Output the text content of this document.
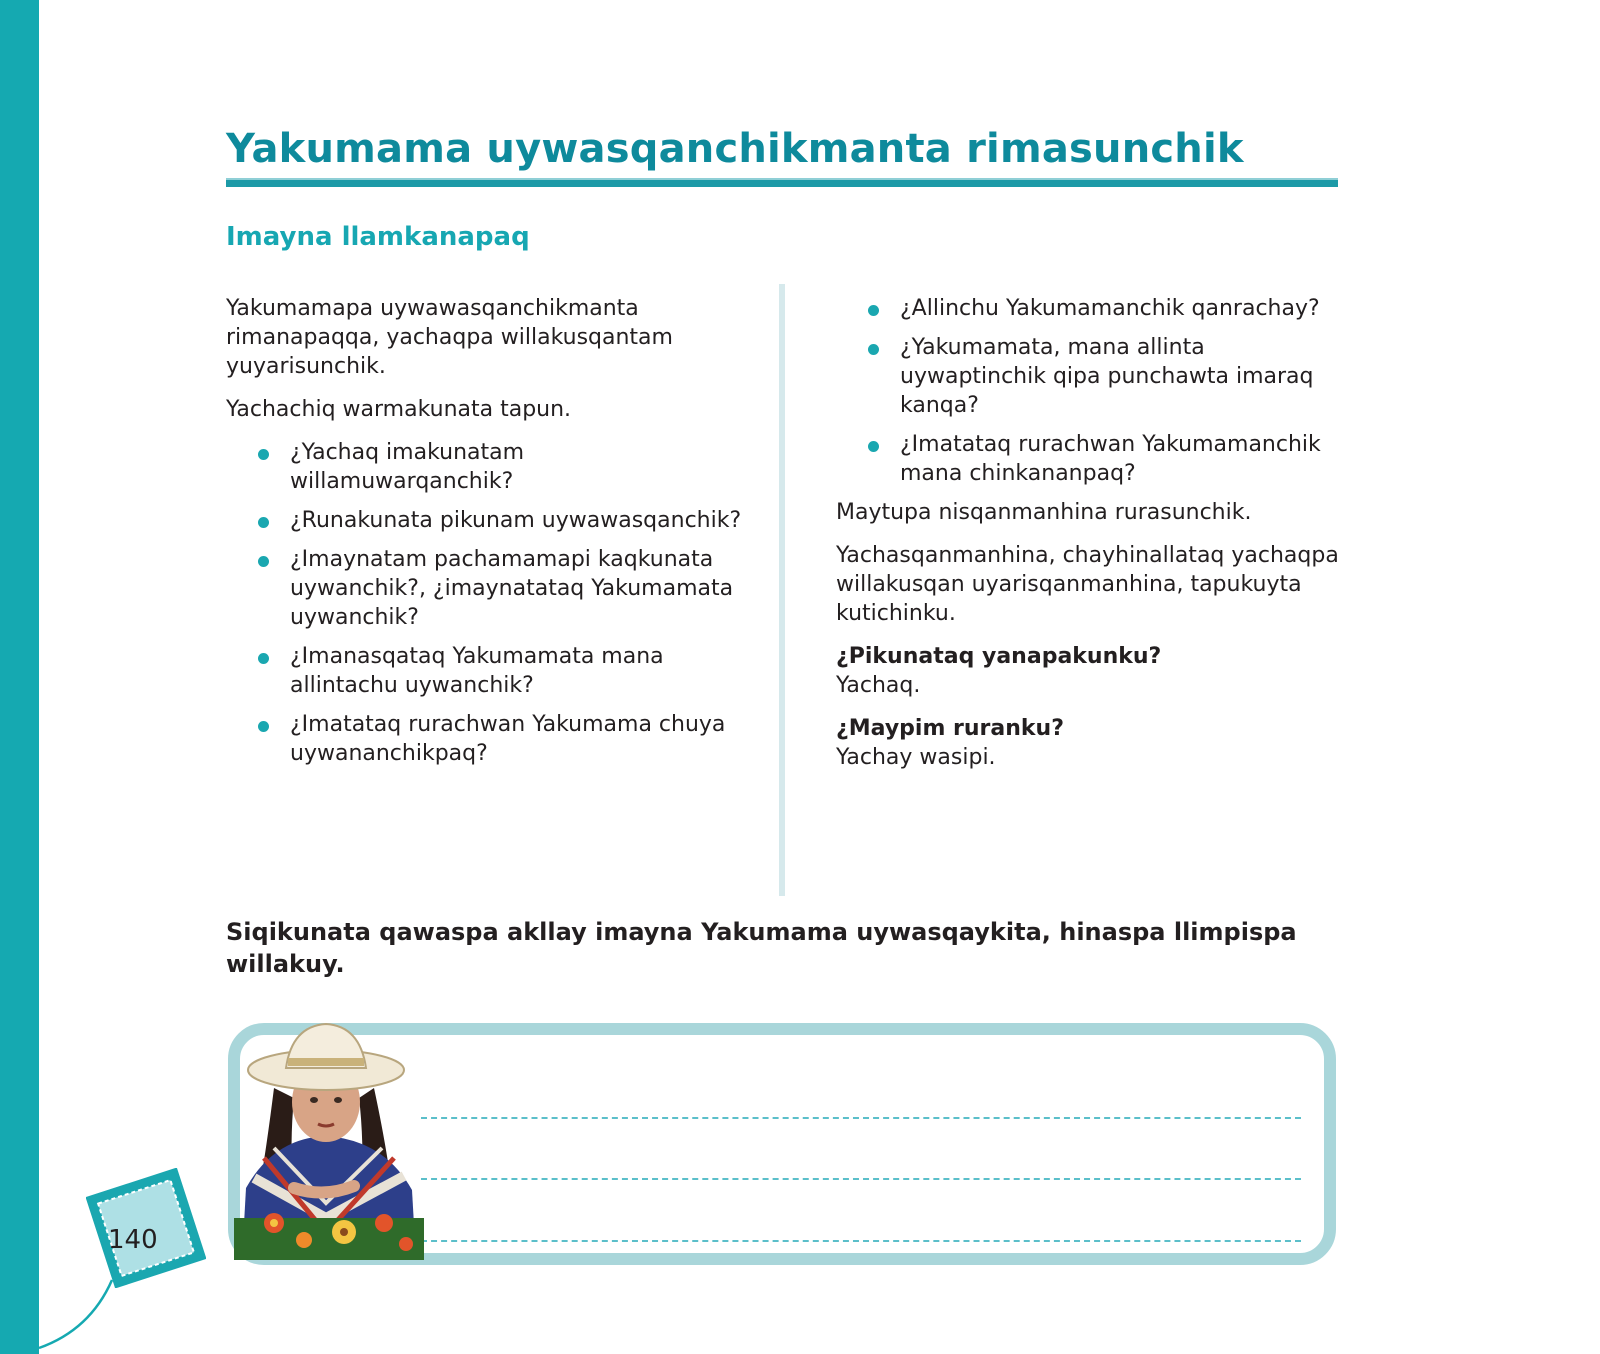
Yakumama uywasqanchikmanta rimasunchik
Imayna llamkanapaq

Yakumamapa uywawasqanchikmanta rimanapaqqa, yachaqpa willakusqantam yuyarisunchik.

Yachachiq warmakunata tapun.

¿Yachaq imakunatam willamuwarqanchik?
¿Runakunata pikunam uywawasqanchik?
¿Imaynatam pachamamapi kaqkunata uywanchik?, ¿imaynatataq Yakumamata uywanchik?
¿Imanasqataq Yakumamata mana allintachu uywanchik?
¿Imatataq rurachwan Yakumama chuya uywananchikpaq?
¿Allinchu Yakumamanchik qanrachay?
¿Yakumamata, mana allinta uywaptinchik qipa punchawta imaraq kanqa?
¿Imatataq rurachwan Yakumamanchik mana chinkananpaq?

Maytupa nisqanmanhina rurasunchik.

Yachasqanmanhina, chayhinallataq yachaqpa willakusqan uyarisqanmanhina, tapukuyta kutichinku.

¿Pikunataq yanapakunku?
Yachaq.
¿Maypim ruranku?
Yachay wasipi.

Siqikunata qawaspa akllay imayna Yakumama uywasqaykita, hinaspa llimpispa willakuy.

140
